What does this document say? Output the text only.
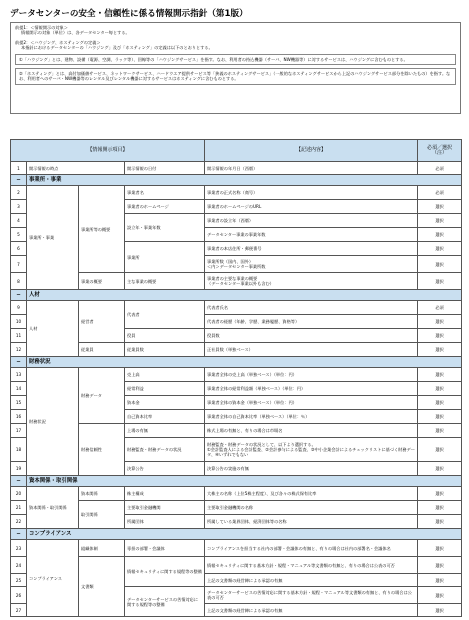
データセンターの安全・信頼性に係る情報開示指針（第1版）
前提1：＜情報開示の対象＞
情報開示の対象（単位）は、各データセンター毎とする。
前提2：＜ハウジング、ホスティングの定義＞
本指針におけるデータセンターの「ハウジング」及び「ホスティング」の定義は以下のとおりとする。
①「ハウジング」とは、建物、設備（電源、空調、ラック等）、回線等の「ハウジングサービス」を指す。なお、利用者の持込機器（サーバ、NW機器等）に対するサービスは、ハウジングに含むものとする。
②「ホスティング」とは、高付加価値サービス、ネットワークサービス、ハードウエア提供サービス等「狭義のホスティングサービス」（一般的なホスティングサービスから上記のハウジングサービス部分を除いたもの）を指す。なお、利用者へのサーバ・NW機器等のレンタル及びレンタル機器に対するサービスはホスティングに含むものとする。
【情報開示項目】				【記述内容】	必須／選択
（注）
1	開示情報の時点		開示情報の日付	開示情報の年月日（西暦）	必須
−	事業所・事業				
2	事業所・事業	事業所等の概要	事業者名	事業者の正式名称（商号）	必須
3			事業者のホームページ	事業者のホームページのURL	選択
4			設立年・事業年数	事業者の設立年（西暦）	選択
5				データセンター事業の事業年数	選択
6			事業所	事業者の本店住所・郵便番号	選択
7				事業所数（国内、国外）
＜内＞データセンター事業所数	選択
8		事業の概要	主な事業の概要	事業者の主要な事業の概要
（データセンター事業以外も含む）	選択
−	人材				
9	人材	経営者	代表者	代表者氏名	必須
10				代表者の経歴（年齢、学歴、業務履歴、資格等）	選択
11			役員	役員数	選択
12		従業員	従業員数	正社員数（単独ベース）	選択
−	財務状況				
13	財務状況	財務データ	売上高	事業者全体の売上高（単独ベース）（単位：円）	選択
14			経常利益	事業者全体の経常利益額（単独ベース）（単位：円）	選択
15			資本金	事業者全体の資本金（単独ベース）（単位：円）	選択
16			自己資本比率	事業者全体の自己資本比率（単独ベース）（単位：％）	選択
17		財務信頼性	上場の有無	株式上場の有無と、有りの場合は市場名	選択
18			財務監査・財務データの状況	財務監査・財務データの状況として、以下より選択する。
①会計監査人による会計監査、②会計参与による監査、③中小企業会計によるチェックリストに基づく財務データ、④いずれでもない	選択
19			決算公告	決算公告の実施の有無	選択
−	資本関係・取引関係				
20	資本関係・取引関係	資本関係	株主構成	大株主の名称（上位5株主程度）、及び各々の株式保有比率	選択
21		取引関係	主要取引金融機関	主要取引金融機関の名称	選択
22			所属団体	所属している業界団体、経済団体等の名称	選択
−	コンプライアンス				
23	コンプライアンス	組織体制	専担の部署・会議体	コンプライアンスを担当する社内の部署・会議体の有無と、有りの場合は社内の部署名・会議体名	選択
24		文書類	情報セキュリティに関する規程等の整備	情報セキュリティに関する基本方針・規程・マニュアル等文書類の有無と、有りの場合は公表の可否	選択
25				上記の文書類の経営陣による承認の有無	選択
26			データセンターサービスの苦情対応に関する規程等の整備	データセンターサービスの苦情対応に関する基本方針・規程・マニュアル等文書類の有無と、有りの場合は公表の可否	選択
27				上記の文書類の経営陣による承認の有無	選択
